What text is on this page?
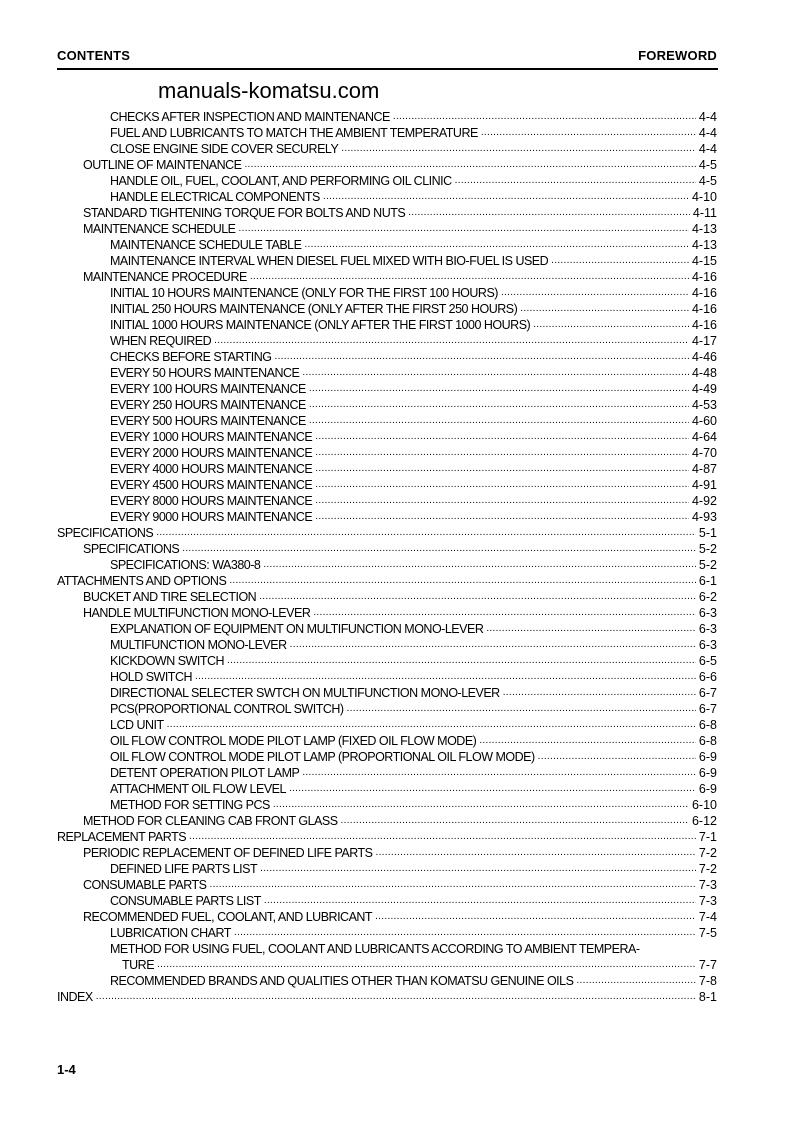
CONTENTS	FOREWORD
manuals-komatsu.com
CHECKS AFTER INSPECTION AND MAINTENANCE .....	4-4
FUEL AND LUBRICANTS TO MATCH THE AMBIENT TEMPERATURE .....	4-4
CLOSE ENGINE SIDE COVER SECURELY .....	4-4
OUTLINE OF MAINTENANCE .....	4-5
HANDLE OIL, FUEL, COOLANT, AND PERFORMING OIL CLINIC .....	4-5
HANDLE ELECTRICAL COMPONENTS .....	4-10
STANDARD TIGHTENING TORQUE FOR BOLTS AND NUTS .....	4-11
MAINTENANCE SCHEDULE .....	4-13
MAINTENANCE SCHEDULE TABLE .....	4-13
MAINTENANCE INTERVAL WHEN DIESEL FUEL MIXED WITH BIO-FUEL IS USED .....	4-15
MAINTENANCE PROCEDURE .....	4-16
INITIAL 10 HOURS MAINTENANCE (ONLY FOR THE FIRST 100 HOURS) .....	4-16
INITIAL 250 HOURS MAINTENANCE (ONLY AFTER THE FIRST 250 HOURS) .....	4-16
INITIAL 1000 HOURS MAINTENANCE (ONLY AFTER THE FIRST 1000 HOURS) .....	4-16
WHEN REQUIRED .....	4-17
CHECKS BEFORE STARTING .....	4-46
EVERY 50 HOURS MAINTENANCE .....	4-48
EVERY 100 HOURS MAINTENANCE .....	4-49
EVERY 250 HOURS MAINTENANCE .....	4-53
EVERY 500 HOURS MAINTENANCE .....	4-60
EVERY 1000 HOURS MAINTENANCE .....	4-64
EVERY 2000 HOURS MAINTENANCE .....	4-70
EVERY 4000 HOURS MAINTENANCE .....	4-87
EVERY 4500 HOURS MAINTENANCE .....	4-91
EVERY 8000 HOURS MAINTENANCE .....	4-92
EVERY 9000 HOURS MAINTENANCE .....	4-93
SPECIFICATIONS .....	5-1
SPECIFICATIONS .....	5-2
SPECIFICATIONS: WA380-8 .....	5-2
ATTACHMENTS AND OPTIONS .....	6-1
BUCKET AND TIRE SELECTION .....	6-2
HANDLE MULTIFUNCTION MONO-LEVER .....	6-3
EXPLANATION OF EQUIPMENT ON MULTIFUNCTION MONO-LEVER .....	6-3
MULTIFUNCTION MONO-LEVER .....	6-3
KICKDOWN SWITCH .....	6-5
HOLD SWITCH .....	6-6
DIRECTIONAL SELECTER SWTCH ON MULTIFUNCTION MONO-LEVER .....	6-7
PCS(PROPORTIONAL CONTROL SWITCH) .....	6-7
LCD UNIT .....	6-8
OIL FLOW CONTROL MODE PILOT LAMP (FIXED OIL FLOW MODE) .....	6-8
OIL FLOW CONTROL MODE PILOT LAMP (PROPORTIONAL OIL FLOW MODE) .....	6-9
DETENT OPERATION PILOT LAMP .....	6-9
ATTACHMENT OIL FLOW LEVEL .....	6-9
METHOD FOR SETTING PCS .....	6-10
METHOD FOR CLEANING CAB FRONT GLASS .....	6-12
REPLACEMENT PARTS .....	7-1
PERIODIC REPLACEMENT OF DEFINED LIFE PARTS .....	7-2
DEFINED LIFE PARTS LIST .....	7-2
CONSUMABLE PARTS .....	7-3
CONSUMABLE PARTS LIST .....	7-3
RECOMMENDED FUEL, COOLANT, AND LUBRICANT .....	7-4
LUBRICATION CHART .....	7-5
METHOD FOR USING FUEL, COOLANT AND LUBRICANTS ACCORDING TO AMBIENT TEMPERA-
TURE .....	7-7
RECOMMENDED BRANDS AND QUALITIES OTHER THAN KOMATSU GENUINE OILS .....	7-8
INDEX .....	8-1
1-4
